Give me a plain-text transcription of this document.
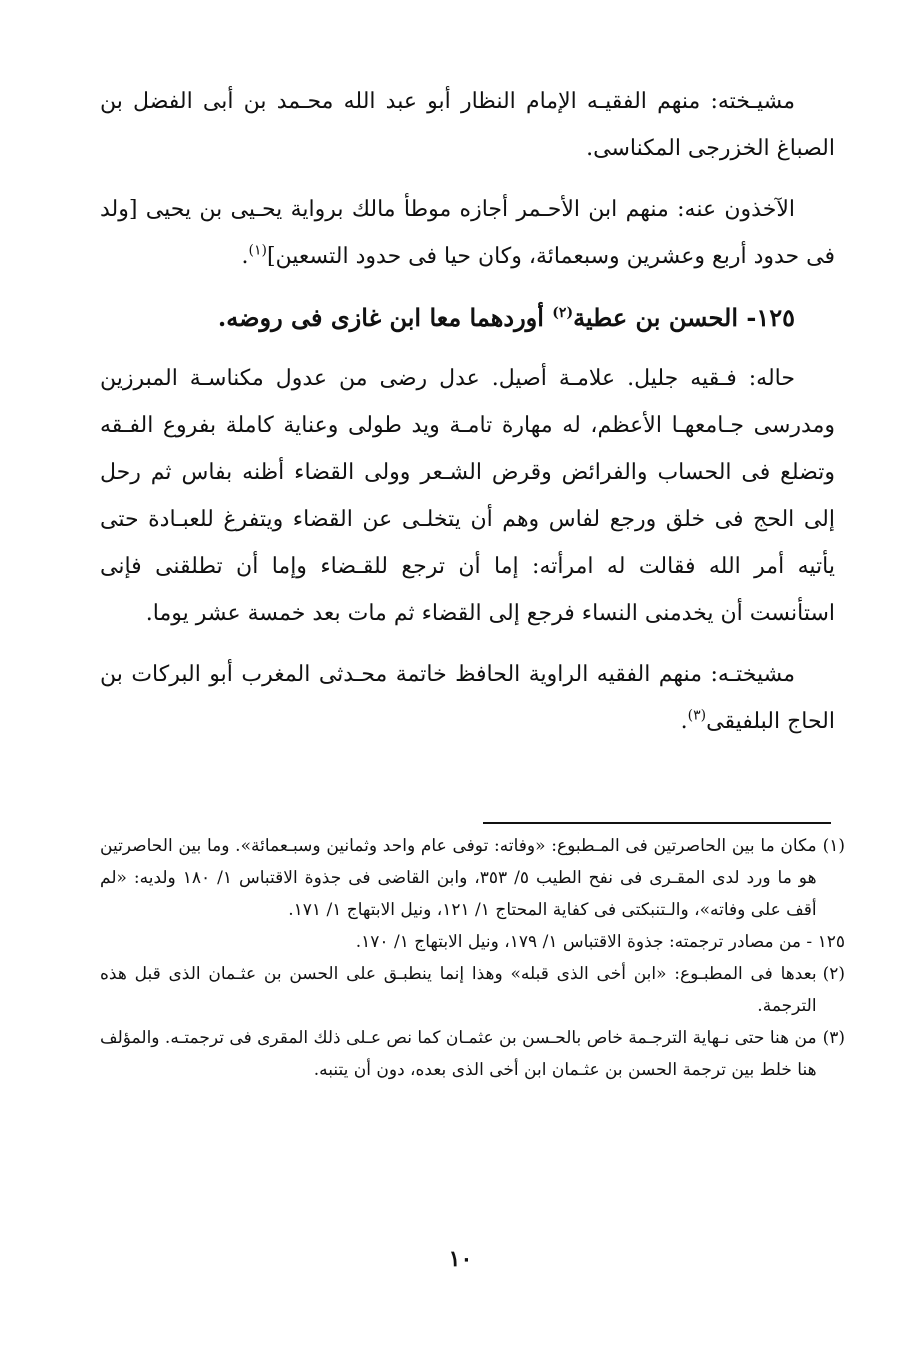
مشيـخته: منهم الفقيـه الإمام النظار أبو عبد الله محـمد بن أبى الفضل بن الصباغ الخزرجى المكناسى.

الآخذون عنه: منهم ابن الأحـمر أجازه موطأ مالك برواية يحـيى بن يحيى [ولد فى حدود أربع وعشرين وسبعمائة، وكان حيا فى حدود التسعين]$^{(١)}$.

١٢٥- الحسن بن عطية$^{(٢)}$ أوردهما معا ابن غازى فى روضه.

حاله: فـقيه جليل. علامـة أصيل. عدل رضى من عدول مكناسـة المبرزين ومدرسى جـامعهـا الأعظم، له مهارة تامـة ويد طولى وعناية كاملة بفروع الفـقه وتضلع فى الحساب والفرائض وقرض الشـعر وولى القضاء أظنه بفاس ثم رحل إلى الحج فى خلق ورجع لفاس وهم أن يتخلـى عن القضاء ويتفرغ للعبـادة حتى يأتيه أمر الله فقالت له امرأته: إما أن ترجع للقـضاء وإما أن تطلقنى فإنى استأنست أن يخدمنى النساء فرجع إلى القضاء ثم مات بعد خمسة عشر يوما.

مشيختـه: منهم الفقيه الراوية الحافظ خاتمة محـدثى المغرب أبو البركات بن الحاج البلفيقى$^{(٣)}$.

(١)
مكان ما بين الحاصرتين فى المـطبوع: «وفاته: توفى عام واحد وثمانين وسبـعمائة». وما بين الحاصرتين هو ما ورد لدى المقـرى فى نفح الطيب ٥/ ٣٥٣، وابن القاضى فى جذوة الاقتباس ١/ ١٨٠ ولديه: «لم أقف على وفاته»، والـتنبكتى فى كفاية المحتاج ١/ ١٢١، ونيل الابتهاج ١/ ١٧١.

١٢٥ - من مصادر ترجمته: جذوة الاقتباس ١/ ١٧٩، ونيل الابتهاج ١/ ١٧٠.

(٢)
بعدها فى المطبـوع: «ابن أخى الذى قبله» وهذا إنما ينطبـق على الحسن بن عثـمان الذى قبل هذه الترجمة.
(٣)
من هنا حتى نـهاية الترجـمة خاص بالحـسن بن عثمـان كما نص عـلى ذلك المقرى فى ترجمتـه. والمؤلف هنا خلط بين ترجمة الحسن بن عثـمان ابن أخى الذى بعده، دون أن يتنبه.
١٠
